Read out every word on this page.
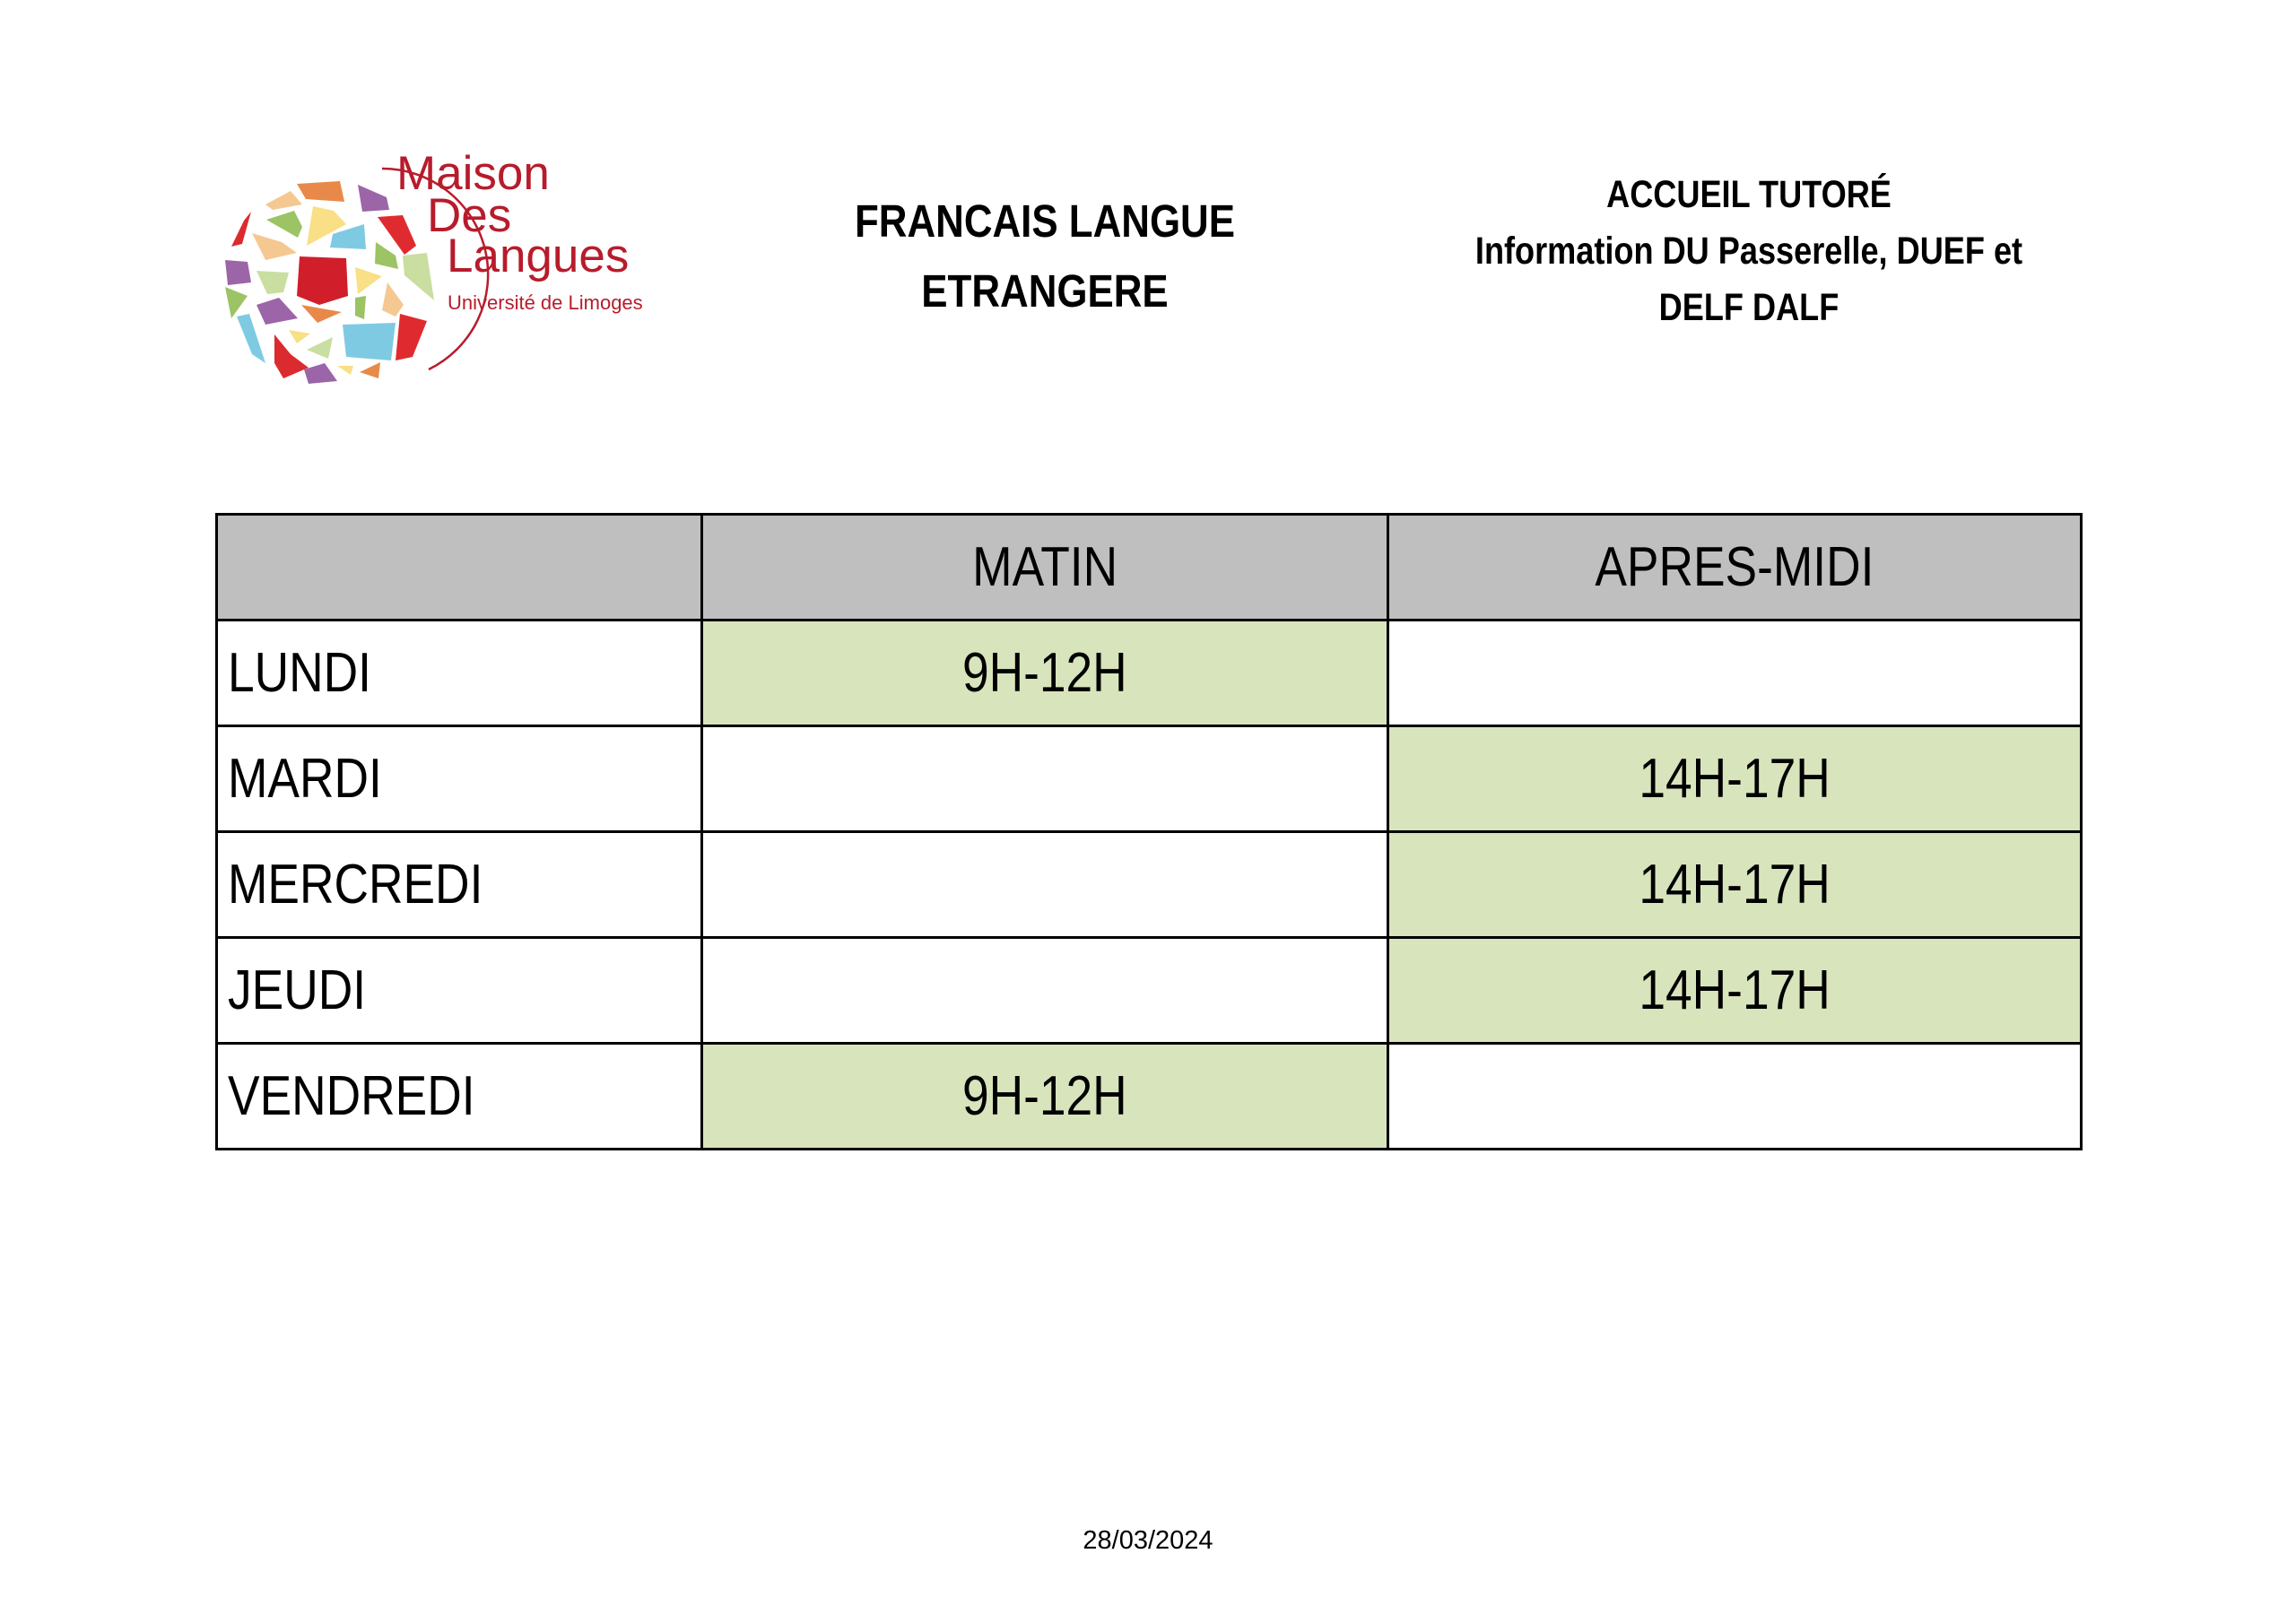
Maison
Des
Langues
Université de Limoges
FRANCAIS LANGUE
ETRANGERE
ACCUEIL TUTORÉ
Information DU Passerelle, DUEF et
DELF DALF
	MATIN	APRES-MIDI
LUNDI	9H-12H	
MARDI		14H-17H
MERCREDI		14H-17H
JEUDI		14H-17H
VENDREDI	9H-12H	
28/03/2024
